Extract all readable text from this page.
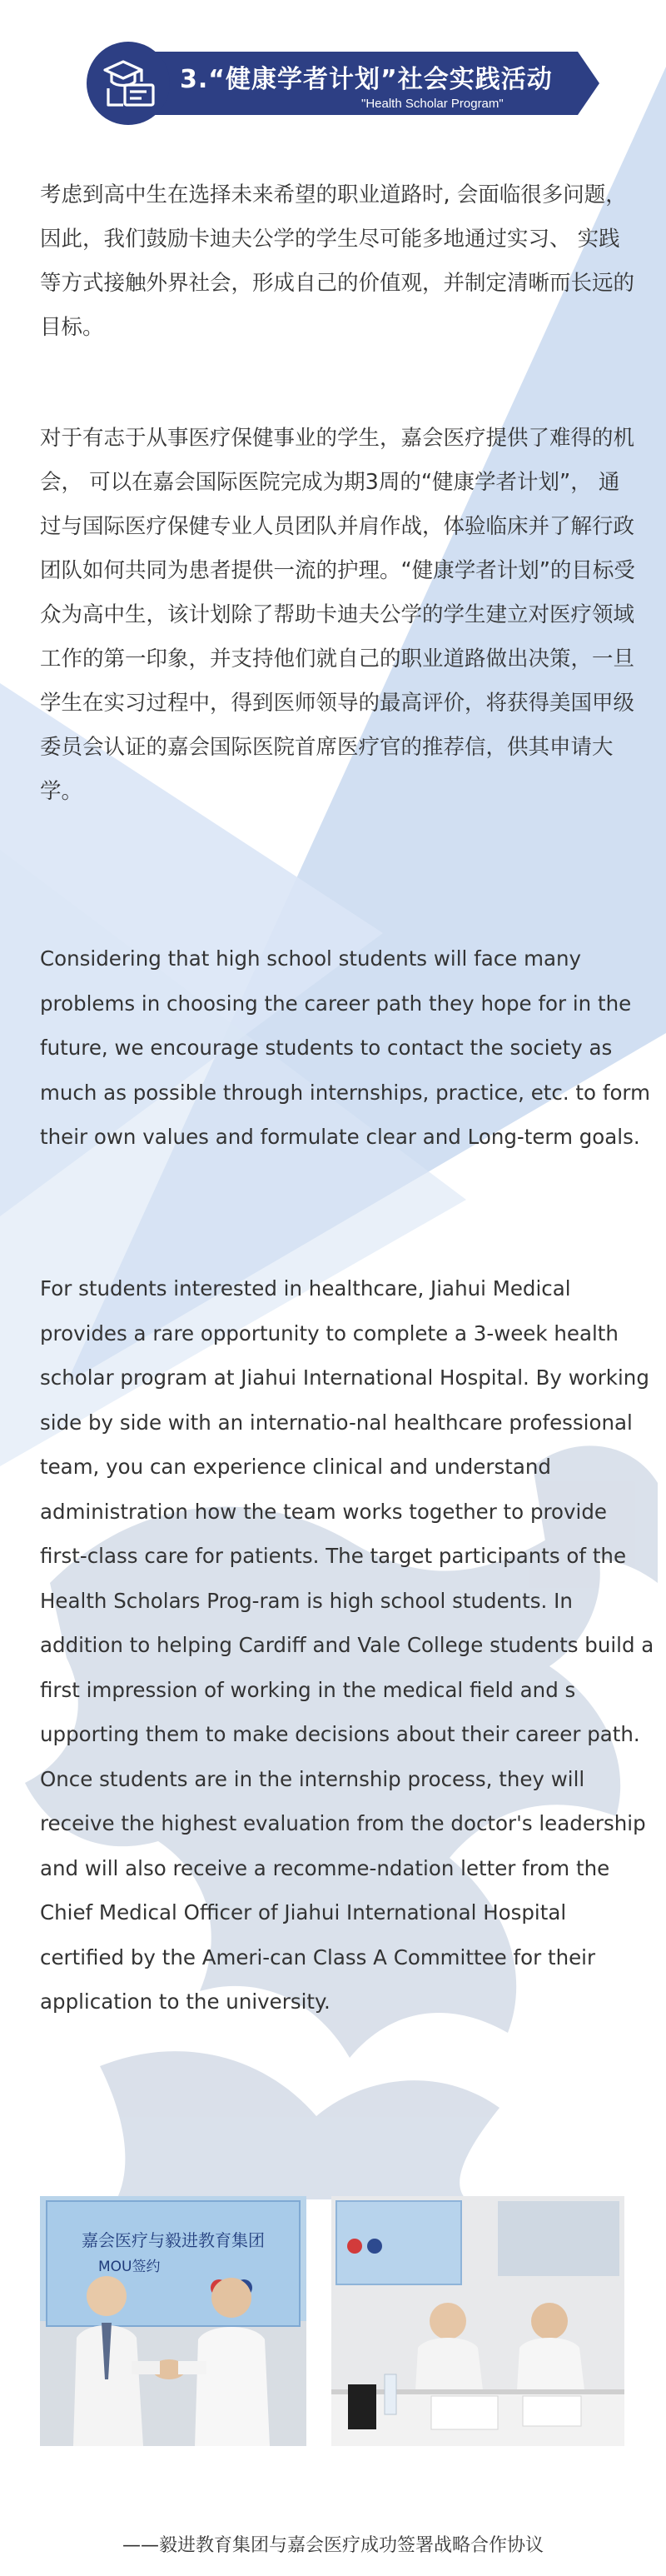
3.“健康学者计划”社会实践活动
"Health Scholar Program"

考虑到高中生在选择未来希望的职业道路时, 会面临很多问题， 因此，我们鼓励卡迪夫公学的学生尽可能多地通过实习、 实践等方式接触外界社会，形成自己的价值观，并制定清晰而长远的目标。

对于有志于从事医疗保健事业的学生，嘉会医疗提供了难得的机会， 可以在嘉会国际医院完成为期3周的“健康学者计划”， 通过与国际医疗保健专业人员团队并肩作战，体验临床并了解行政团队如何共同为患者提供一流的护理。“健康学者计划”的目标受众为高中生，该计划除了帮助卡迪夫公学的学生建立对医疗领域工作的第一印象，并支持他们就自己的职业道路做出决策，一旦学生在实习过程中，得到医师领导的最高评价，将获得美国甲级委员会认证的嘉会国际医院首席医疗官的推荐信，供其申请大学。

Considering that high school students will face many problems in choosing the career path they hope for in the future, we encourage students to contact the society as much as possible through internships, practice, etc. to form their own values and formulate clear and Long-term goals.

For students interested in healthcare, Jiahui Medical provides a rare opportunity to complete a 3-week health scholar program at Jiahui International Hospital. By working side by side with an internatio-nal healthcare professional team, you can experience clinical and understand administration how the team works together to provide first-class care for patients. The target participants of the Health Scholars Prog-ram is high school students. In addition to helping Cardiff and Vale College students build a first impression of working in the medical field and s upporting them to make decisions about their career path. Once students are in the internship process, they will receive the highest evaluation from the doctor's leadership and will also receive a recomme-ndation letter from the Chief Medical Officer of Jiahui International Hospital certified by the Ameri-can Class A Committee for their application to the university.

嘉会医疗与毅进教育集团
MOU签约
——毅进教育集团与嘉会医疗成功签署战略合作协议
